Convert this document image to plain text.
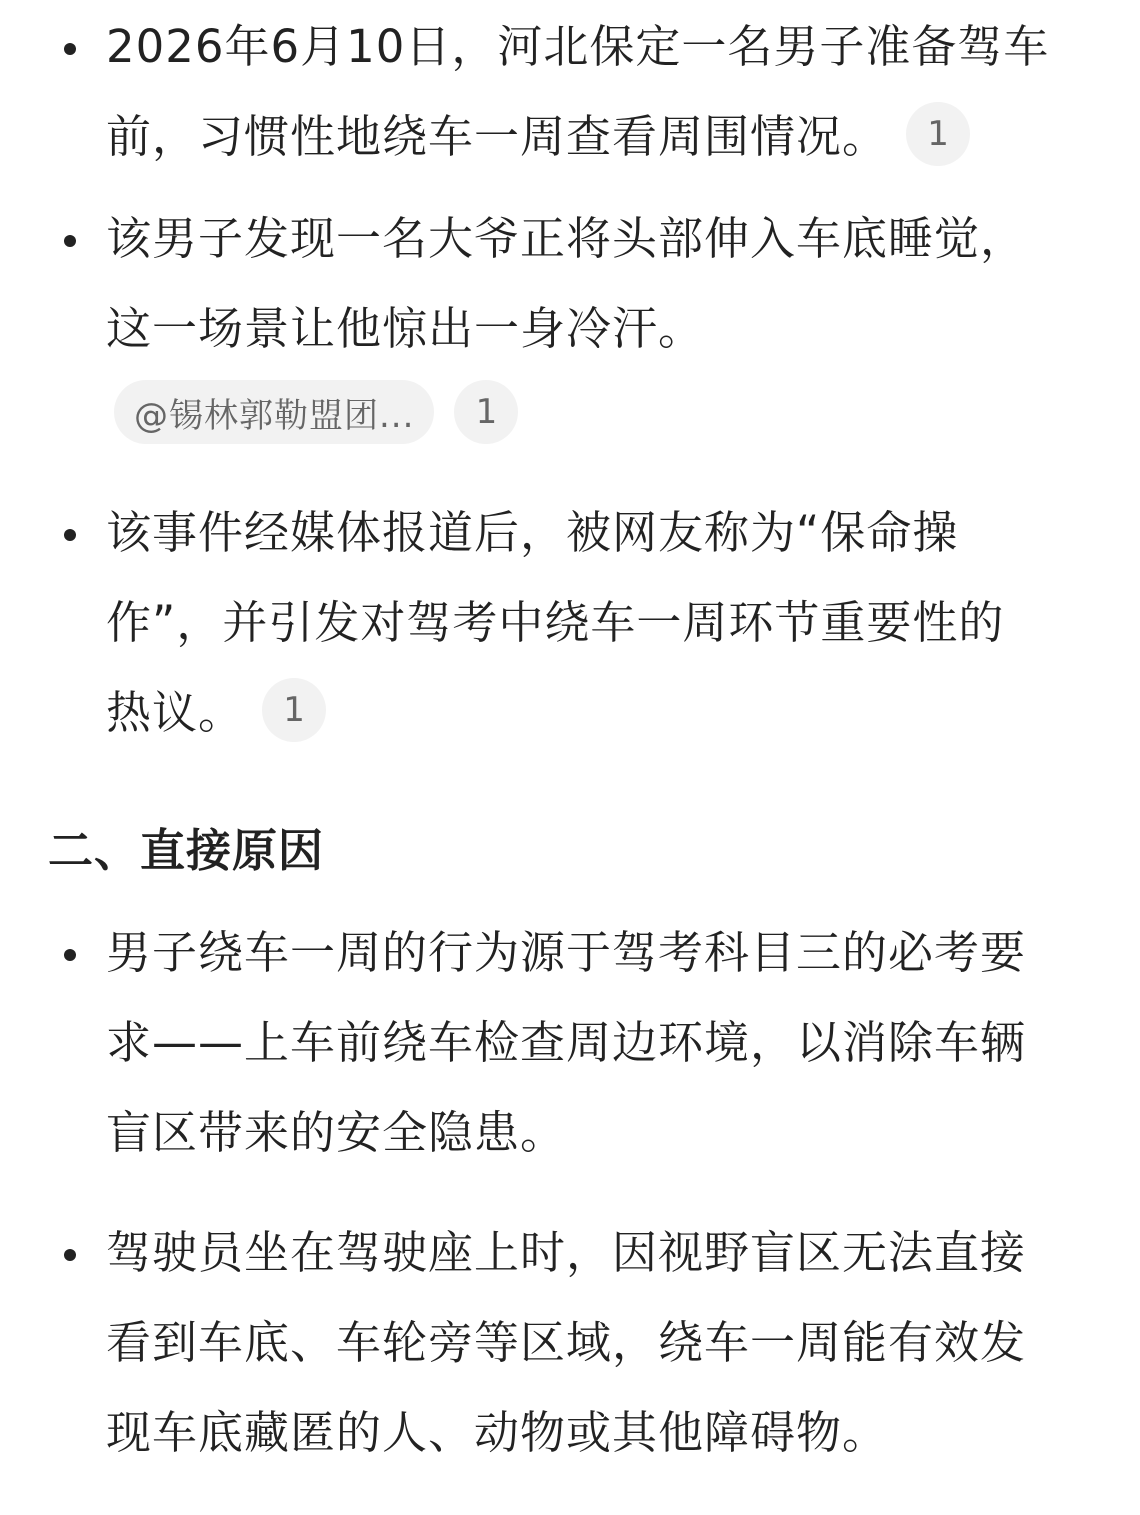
2026年6月10日，河北保定一名男子准备驾车
前，习惯性地绕车一周查看周围情况。 1
该男子发现一名大爷正将头部伸入车底睡觉，
这一场景让他惊出一身冷汗。
@锡林郭勒盟团...	1
该事件经媒体报道后，被网友称为“保命操
作”，并引发对驾考中绕车一周环节重要性的
热议。 1
二、直接原因
男子绕车一周的行为源于驾考科目三的必考要
求——上车前绕车检查周边环境，以消除车辆
盲区带来的安全隐患。
驾驶员坐在驾驶座上时，因视野盲区无法直接
看到车底、车轮旁等区域，绕车一周能有效发
现车底藏匿的人、动物或其他障碍物。
